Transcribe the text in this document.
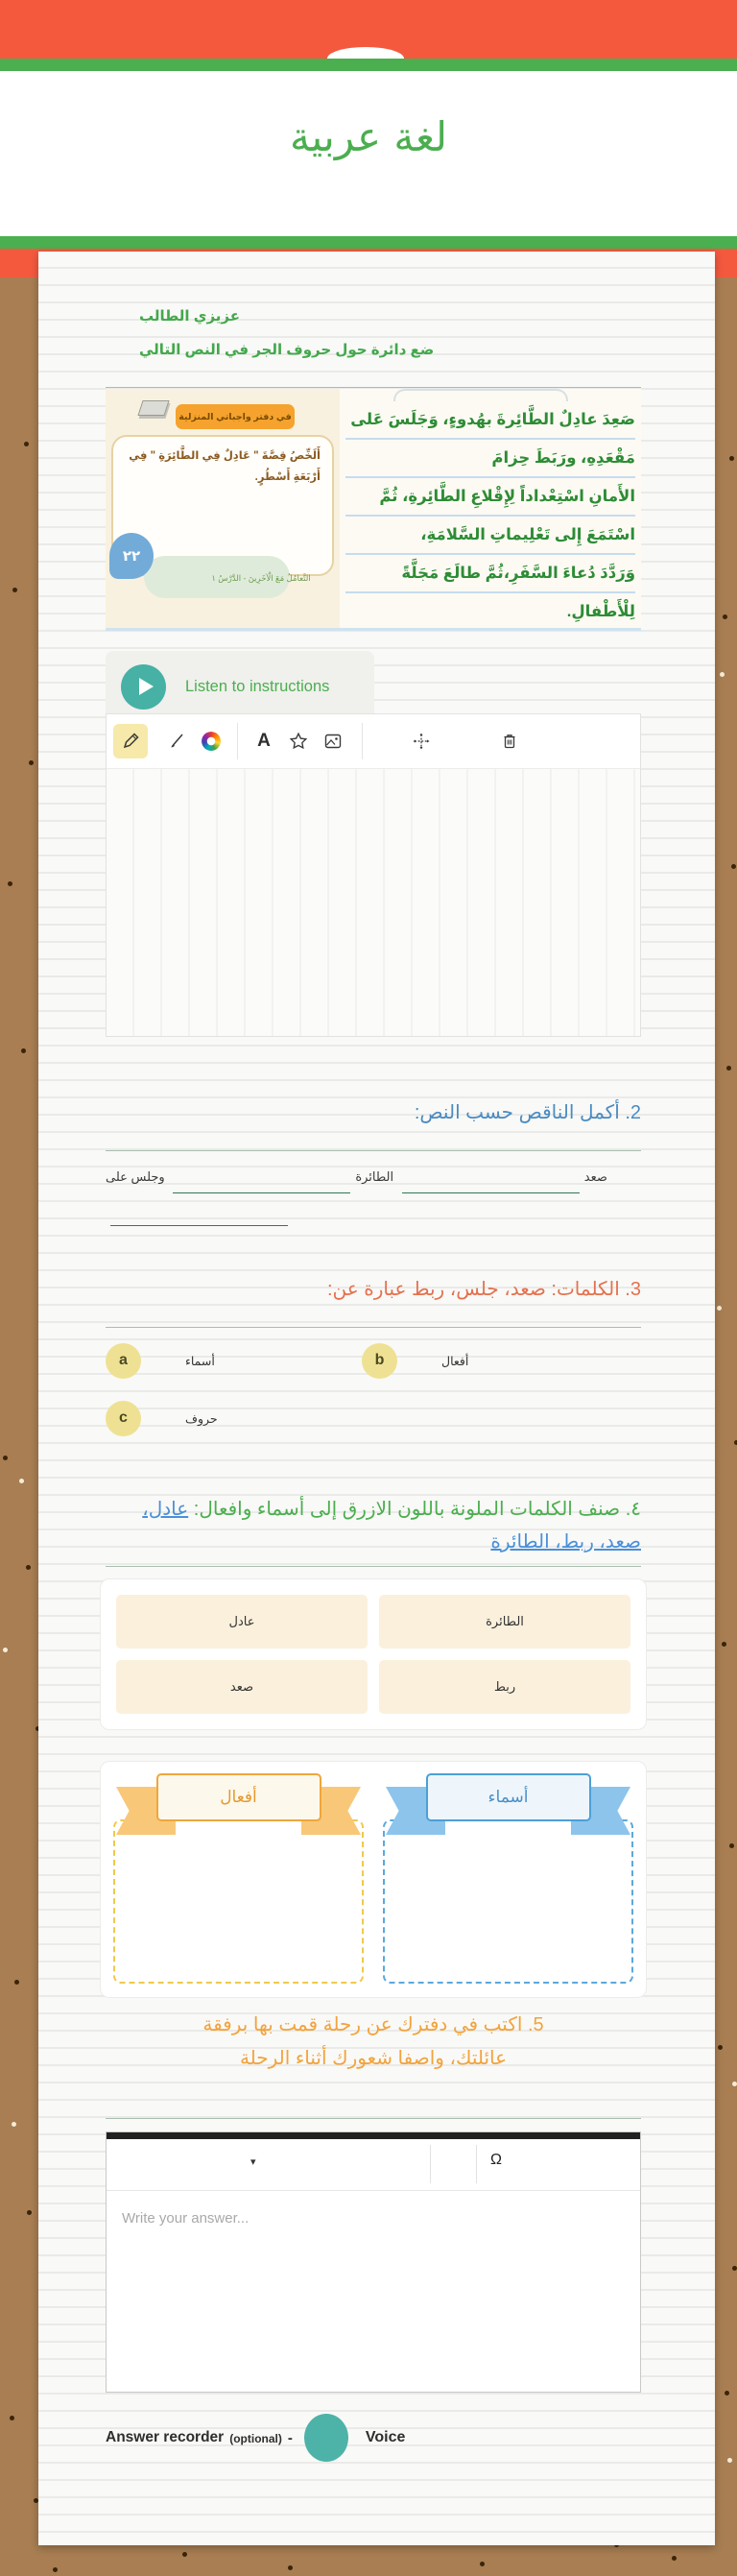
لغة عربية
عزيزي الطالب
ضع دائرة حول حروف الجر في النص التالي
في دفتر واجباتي المنزلية
أَلَخِّصُ قِصَّةَ " عَادِلٌ فِي الطَّائِرَةِ " فِي أَرْبَعَةِ أَسْطُرٍ.
٢٢
التَّعامُلُ مَعَ الْآخَرِينَ - الدَّرْسُ ١
صَعِدَ عادِلٌ الطَّائِرةَ بهُدوءٍ، وَجَلَسَ عَلى
مَقْعَدِهِ، ورَبَطَ حِزامَ
الأَمانِ اسْتِعْداداً لِإِقْلاعِ الطَّائِرةِ، ثُمَّ
اسْتَمَعَ إِلى تَعْلِيماتِ السَّلامَةِ،
وَرَدَّدَ دُعاءَ السَّفَرِ،ثُمَّ طالَعَ مَجَلَّةً
لِلْأَطْفالِ.
Listen to instructions
A
2. أكمل الناقص حسب النص:
صعد الطائرة وجلس على
3. الكلمات: صعد، جلس، ربط عبارة عن:
a	أسماء	b	أفعال
c	حروف
٤. صنف الكلمات الملونة باللون الازرق إلى أسماء وافعال: عادل، صعد، ربط، الطائرة
عادل	الطائرة
صعد	ربط
أفعال	أسماء
5. اكتب في دفترك عن رحلة قمت بها برفقة
عائلتك، واصفا شعورك أثناء الرحلة
▾	Ω
Write your answer...
Answer recorder (optional) -	Voice
